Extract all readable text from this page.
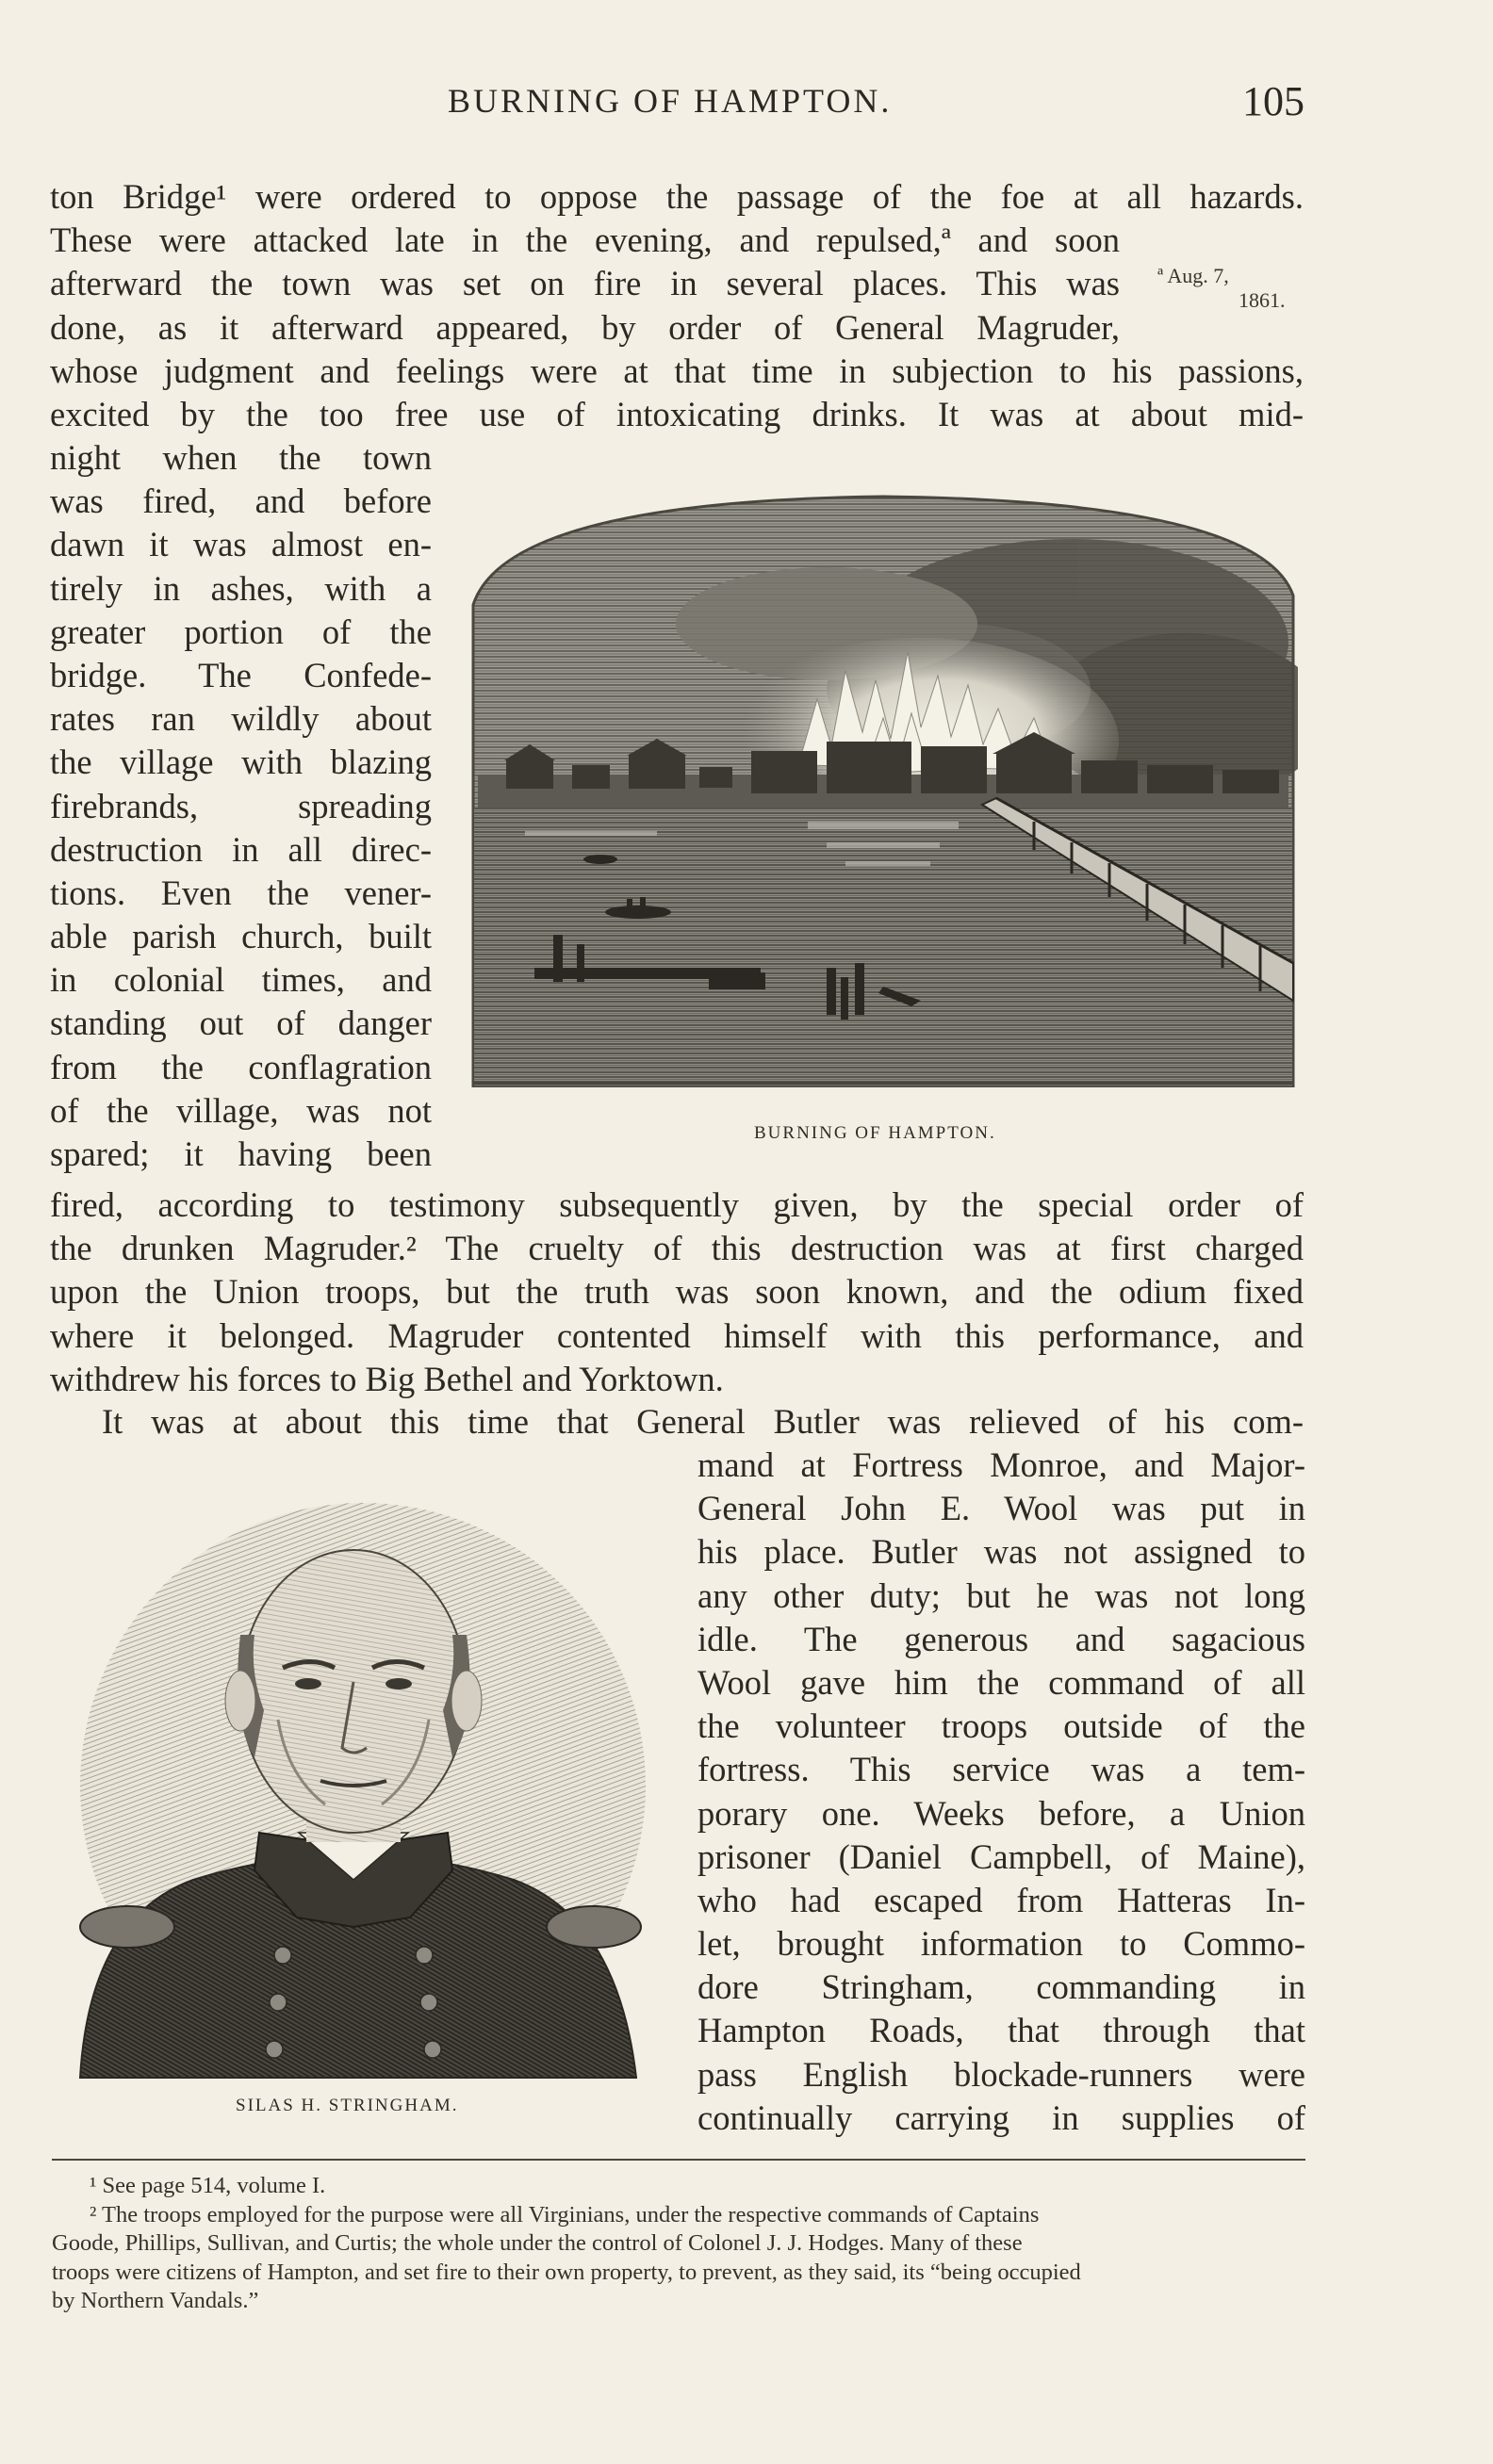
BURNING OF HAMPTON.	105
ton Bridge¹ were ordered to oppose the passage of the foe at all hazards.
These were attacked late in the evening, and repulsed,ª and soon
afterward the town was set on fire in several places. This was
done, as it afterward appeared, by order of General Magruder,
whose judgment and feelings were at that time in subjection to his passions,
excited by the too free use of intoxicating drinks. It was at about mid-
ª Aug. 7,
1861.
night when the town
was fired, and before
dawn it was almost en-
tirely in ashes, with a
greater portion of the
bridge. The Confede-
rates ran wildly about
the village with blazing
firebrands, spreading
destruction in all direc-
tions. Even the vener-
able parish church, built
in colonial times, and
standing out of danger
from the conflagration
of the village, was not
spared; it having been
BURNING OF HAMPTON.
fired, according to testimony subsequently given, by the special order of
the drunken Magruder.² The cruelty of this destruction was at first charged
upon the Union troops, but the truth was soon known, and the odium fixed
where it belonged. Magruder contented himself with this performance, and
withdrew his forces to Big Bethel and Yorktown.
It was at about this time that General Butler was relieved of his com-
mand at Fortress Monroe, and Major-
General John E. Wool was put in
his place. Butler was not assigned to
any other duty; but he was not long
idle. The generous and sagacious
Wool gave him the command of all
the volunteer troops outside of the
fortress. This service was a tem-
porary one. Weeks before, a Union
prisoner (Daniel Campbell, of Maine),
who had escaped from Hatteras In-
let, brought information to Commo-
dore Stringham, commanding in
Hampton Roads, that through that
pass English blockade-runners were
continually carrying in supplies of
SILAS H. STRINGHAM.
¹ See page 514, volume I.
² The troops employed for the purpose were all Virginians, under the respective commands of Captains
Goode, Phillips, Sullivan, and Curtis; the whole under the control of Colonel J. J. Hodges. Many of these
troops were citizens of Hampton, and set fire to their own property, to prevent, as they said, its “being occupied
by Northern Vandals.”
